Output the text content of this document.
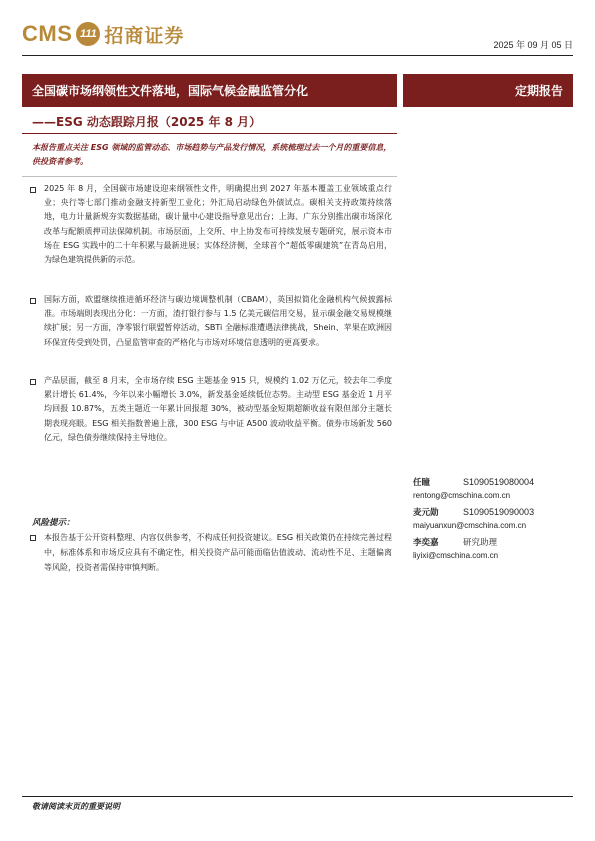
CMS 111 招商证券	2025 年 09 月 05 日
全国碳市场纲领性文件落地，国际气候金融监管分化	定期报告
——ESG 动态跟踪月报（2025 年 8 月）
本报告重点关注 ESG 领域的监管动态、市场趋势与产品发行情况，系统梳理过去一个月的重要信息，供投资者参考。
2025 年 8 月，全国碳市场建设迎来纲领性文件，明确提出到 2027 年基本覆盖工业领域重点行业；央行等七部门推动金融支持新型工业化；外汇局启动绿色外债试点。碳相关支持政策持续落地，电力计量新规夯实数据基础，碳计量中心建设指导意见出台；上海、广东分别推出碳市场深化改革与配额质押司法保障机制。市场层面，上交所、中上协发布可持续发展专题研究，展示资本市场在 ESG 实践中的二十年积累与最新进展；实体经济侧，全球首个“超低零碳建筑”在青岛启用，为绿色建筑提供新的示范。
国际方面，欧盟继续推进循环经济与碳边境调整机制（CBAM），英国拟简化金融机构气候披露标准。市场端則表现出分化：一方面，渣打银行参与 1.5 亿美元碳信用交易，显示碳金融交易规模继续扩展；另一方面，净零银行联盟暂停活动，SBTi 全融标准遭遇法律挑战，Shein、苹果在欧洲因环保宣传受到处罚，凸显监管审查的严格化与市场对环境信息透明的更高要求。
产品层面，截至 8 月末，全市场存续 ESG 主题基金 915 只，规模约 1.02 万亿元，较去年二季度累计增长 61.4%，今年以来小幅增长 3.0%，新发基金延续低位态势。主动型 ESG 基金近 1 月平均回报 10.87%，五类主题近一年累计回报超 30%，被动型基金短期超额收益有限但部分主题长期表现亮眼。ESG 相关指数普遍上涨，300 ESG 与中证 A500 波动收益平衡。债券市场新发 560 亿元，绿色债券继续保持主导地位。
任瞳	S1090519080004
rentong@cmschina.com.cn
麦元勋	S1090519090003
maiyuanxun@cmschina.com.cn
李奕嘉	研究助理
liyixi@cmschina.com.cn
风险提示：
本报告基于公开资料整理、内容仅供参考，不构成任何投资建议。ESG 相关政策仍在持续完善过程中，标准体系和市场反应具有不确定性，相关投资产品可能面临估值波动、流动性不足、主题偏离等风险，投资者需保持审慎判断。
敬请阅读末页的重要说明
